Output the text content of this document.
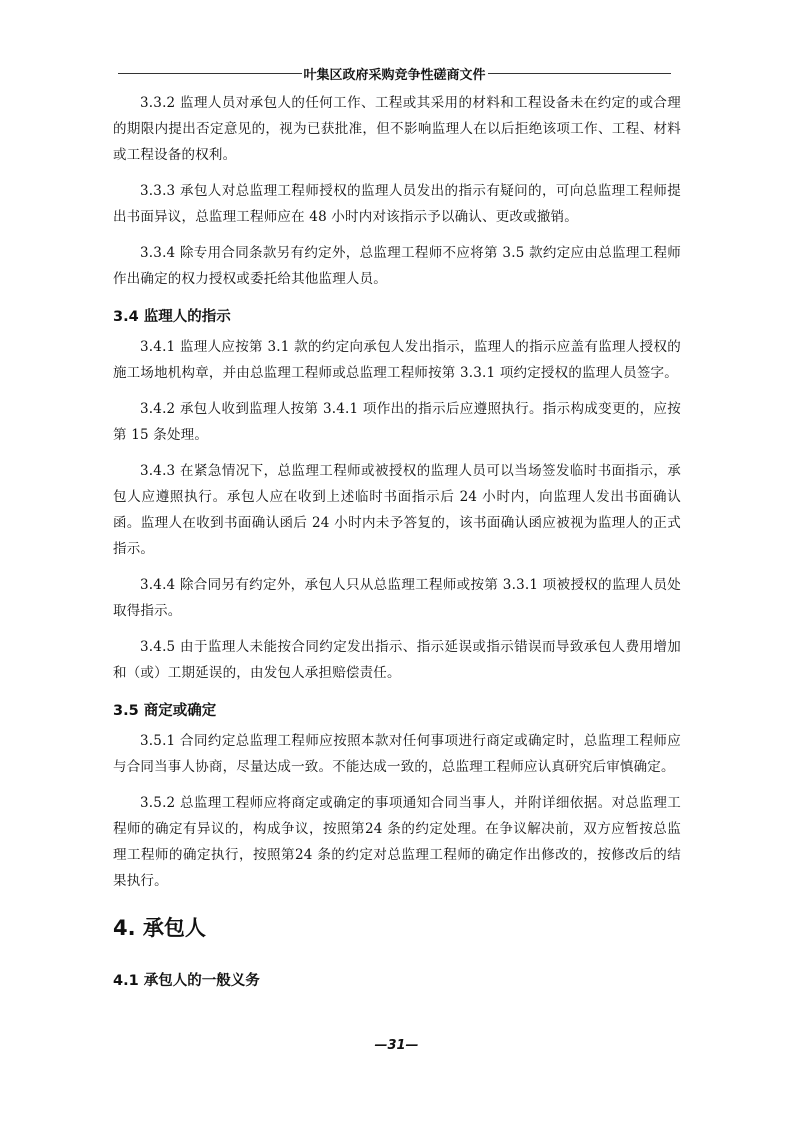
叶集区政府采购竞争性磋商文件

3.3.2 监理人员对承包人的任何工作、工程或其采用的材料和工程设备未在约定的或合理的期限内提出否定意见的，视为已获批准，但不影响监理人在以后拒绝该项工作、工程、材料或工程设备的权利。

3.3.3 承包人对总监理工程师授权的监理人员发出的指示有疑问的，可向总监理工程师提出书面异议，总监理工程师应在 48 小时内对该指示予以确认、更改或撤销。

3.3.4 除专用合同条款另有约定外，总监理工程师不应将第 3.5 款约定应由总监理工程师作出确定的权力授权或委托给其他监理人员。

3.4 监理人的指示

3.4.1 监理人应按第 3.1 款的约定向承包人发出指示，监理人的指示应盖有监理人授权的施工场地机构章，并由总监理工程师或总监理工程师按第 3.3.1 项约定授权的监理人员签字。

3.4.2 承包人收到监理人按第 3.4.1 项作出的指示后应遵照执行。指示构成变更的，应按第 15 条处理。

3.4.3 在紧急情况下，总监理工程师或被授权的监理人员可以当场签发临时书面指示，承包人应遵照执行。承包人应在收到上述临时书面指示后 24 小时内，向监理人发出书面确认函。监理人在收到书面确认函后 24 小时内未予答复的，该书面确认函应被视为监理人的正式指示。

3.4.4 除合同另有约定外，承包人只从总监理工程师或按第 3.3.1 项被授权的监理人员处取得指示。

3.4.5 由于监理人未能按合同约定发出指示、指示延误或指示错误而导致承包人费用增加和（或）工期延误的，由发包人承担赔偿责任。

3.5 商定或确定

3.5.1 合同约定总监理工程师应按照本款对任何事项进行商定或确定时，总监理工程师应与合同当事人协商，尽量达成一致。不能达成一致的，总监理工程师应认真研究后审慎确定。

3.5.2 总监理工程师应将商定或确定的事项通知合同当事人，并附详细依据。对总监理工程师的确定有异议的，构成争议，按照第24 条的约定处理。在争议解决前，双方应暂按总监理工程师的确定执行，按照第24 条的约定对总监理工程师的确定作出修改的，按修改后的结果执行。

4. 承包人
4.1 承包人的一般义务
—31—
